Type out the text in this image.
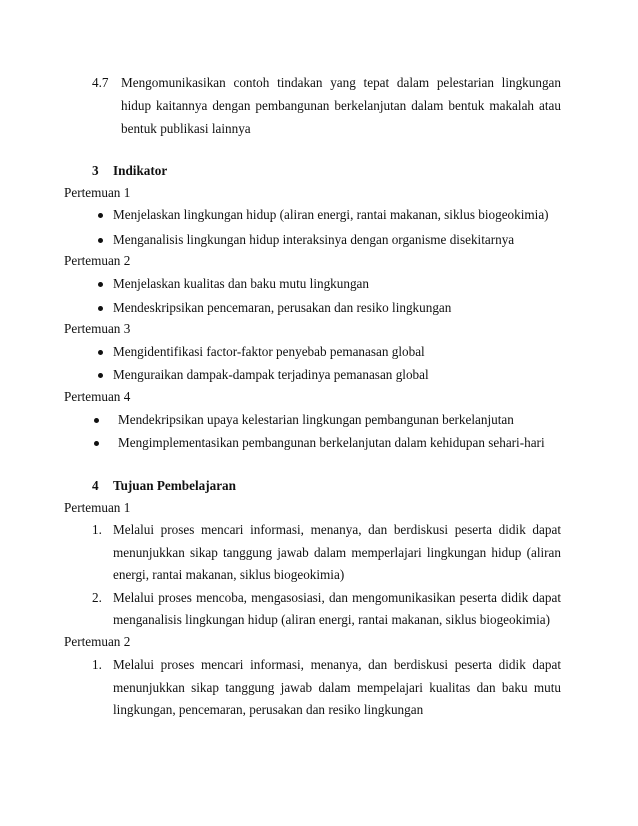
4.7 Mengomunikasikan contoh tindakan yang tepat dalam pelestarian lingkungan
hidup kaitannya dengan pembangunan berkelanjutan dalam bentuk makalah atau
bentuk publikasi lainnya
3 Indikator
Pertemuan 1
Menjelaskan lingkungan hidup (aliran energi, rantai makanan, siklus biogeokimia)
Menganalisis lingkungan hidup interaksinya dengan organisme disekitarnya
Pertemuan 2
Menjelaskan kualitas dan baku mutu lingkungan
Mendeskripsikan pencemaran, perusakan dan resiko lingkungan
Pertemuan 3
Mengidentifikasi factor-faktor penyebab pemanasan global
Menguraikan dampak-dampak terjadinya pemanasan global
Pertemuan 4
Mendekripsikan upaya kelestarian lingkungan pembangunan berkelanjutan
Mengimplementasikan pembangunan berkelanjutan dalam kehidupan sehari-hari
4 Tujuan Pembelajaran
Pertemuan 1
1. Melalui proses mencari informasi, menanya, dan berdiskusi peserta didik dapat
menunjukkan sikap tanggung jawab dalam memperlajari lingkungan hidup (aliran
energi, rantai makanan, siklus biogeokimia)
2. Melalui proses mencoba, mengasosiasi, dan mengomunikasikan peserta didik dapat
menganalisis lingkungan hidup (aliran energi, rantai makanan, siklus biogeokimia)
Pertemuan 2
1. Melalui proses mencari informasi, menanya, dan berdiskusi peserta didik dapat
menunjukkan sikap tanggung jawab dalam mempelajari kualitas dan baku mutu
lingkungan, pencemaran, perusakan dan resiko lingkungan
